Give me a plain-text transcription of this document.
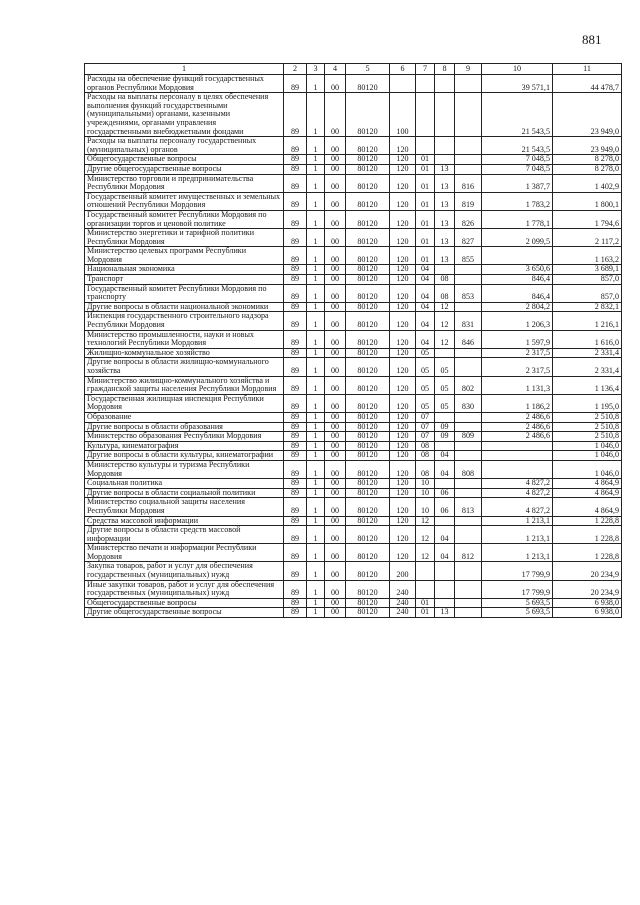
881
1	2	3	4	5	6	7	8	9	10	11
Расходы на обеспечение функций государственных органов Республики Мордовия	89	1	00	80120					39 571,1	44 478,7
Расходы на выплаты персоналу в целях обеспечения выполнения функций государственными (муниципальными) органами, казенными учреждениями, органами управления государственными внебюджетными фондами	89	1	00	80120	100				21 543,5	23 949,0
Расходы на выплаты персоналу государственных (муниципальных) органов	89	1	00	80120	120				21 543,5	23 949,0
Общегосударственные вопросы	89	1	00	80120	120	01			7 048,5	8 278,0
Другие общегосударственные вопросы	89	1	00	80120	120	01	13		7 048,5	8 278,0
Министерство торговли и предпринимательства Республики Мордовия	89	1	00	80120	120	01	13	816	1 387,7	1 402,9
Государственный комитет имущественных и земельных отношений Республики Мордовия	89	1	00	80120	120	01	13	819	1 783,2	1 800,1
Государственный комитет Республики Мордовия по организации торгов и ценовой политике	89	1	00	80120	120	01	13	826	1 778,1	1 794,6
Министерство энергетики и тарифной политики Республики Мордовия	89	1	00	80120	120	01	13	827	2 099,5	2 117,2
Министерство целевых программ Республики Мордовия	89	1	00	80120	120	01	13	855		1 163,2
Национальная экономика	89	1	00	80120	120	04			3 650,6	3 689,1
Транспорт	89	1	00	80120	120	04	08		846,4	857,0
Государственный комитет Республики Мордовия по транспорту	89	1	00	80120	120	04	08	853	846,4	857,0
Другие вопросы в области национальной экономики	89	1	00	80120	120	04	12		2 804,2	2 832,1
Инспекция государственного строительного надзора Республики Мордовия	89	1	00	80120	120	04	12	831	1 206,3	1 216,1
Министерство промышленности, науки и новых технологий Республики Мордовия	89	1	00	80120	120	04	12	846	1 597,9	1 616,0
Жилищно-коммунальное хозяйство	89	1	00	80120	120	05			2 317,5	2 331,4
Другие вопросы в области жилищно-коммунального хозяйства	89	1	00	80120	120	05	05		2 317,5	2 331,4
Министерство жилищно-коммунального хозяйства и гражданской защиты населения Республики Мордовия	89	1	00	80120	120	05	05	802	1 131,3	1 136,4
Государственная жилищная инспекция Республики Мордовия	89	1	00	80120	120	05	05	830	1 186,2	1 195,0
Образование	89	1	00	80120	120	07			2 486,6	2 510,8
Другие вопросы в области образования	89	1	00	80120	120	07	09		2 486,6	2 510,8
Министерство образования Республики Мордовия	89	1	00	80120	120	07	09	809	2 486,6	2 510,8
Культура, кинематография	89	1	00	80120	120	08				1 046,0
Другие вопросы в области культуры, кинематографии	89	1	00	80120	120	08	04			1 046,0
Министерство культуры и туризма Республики Мордовия	89	1	00	80120	120	08	04	808		1 046,0
Социальная политика	89	1	00	80120	120	10			4 827,2	4 864,9
Другие вопросы в области социальной политики	89	1	00	80120	120	10	06		4 827,2	4 864,9
Министерство социальной защиты населения Республики Мордовия	89	1	00	80120	120	10	06	813	4 827,2	4 864,9
Средства массовой информации	89	1	00	80120	120	12			1 213,1	1 228,8
Другие вопросы в области средств массовой информации	89	1	00	80120	120	12	04		1 213,1	1 228,8
Министерство печати и информации Республики Мордовия	89	1	00	80120	120	12	04	812	1 213,1	1 228,8
Закупка товаров, работ и услуг для обеспечения государственных (муниципальных) нужд	89	1	00	80120	200				17 799,9	20 234,9
Иные закупки товаров, работ и услуг для обеспечения государственных (муниципальных) нужд	89	1	00	80120	240				17 799,9	20 234,9
Общегосударственные вопросы	89	1	00	80120	240	01			5 693,5	6 938,0
Другие общегосударственные вопросы	89	1	00	80120	240	01	13		5 693,5	6 938,0
